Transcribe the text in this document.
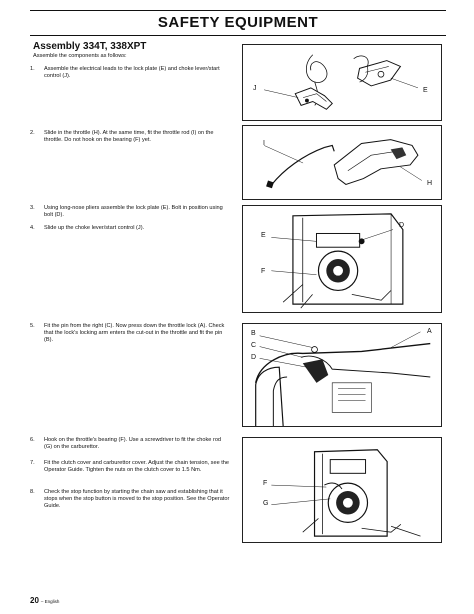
SAFETY EQUIPMENT
Assembly 334T, 338XPT
Assemble the components as follows:
1.	Assemble the electrical leads to the lock plate (E) and choke lever/start control (J).
2.	Slide in the throttle (H). At the same time, fit the throttle rod (I) on the throttle. Do not hook on the bearing (F) yet.
3.	Using long-nose pliers assemble the lock plate (E). Bolt in position using bolt (D).
4.	Slide up the choke lever/start control (J).
5.	Fit the pin from the right (C). Now press down the throttle lock (A). Check that the lock's locking arm enters the cut-out in the throttle and fit the pin (B).
6.	Hook on the throttle's bearing (F). Use a screwdriver to fit the choke rod (G) on the carburettor.
7.	Fit the clutch cover and carburettor cover. Adjust the chain tension, see the Operator Guide. Tighten the nuts on the clutch cover to 1.5 Nm.
8.	Check the stop function by starting the chain saw and establishing that it stops when the stop button is moved to the stop position. See the Operator Guide.
J	E
I
H
E
F
D
B
C
D
A
F
G
20 – English
